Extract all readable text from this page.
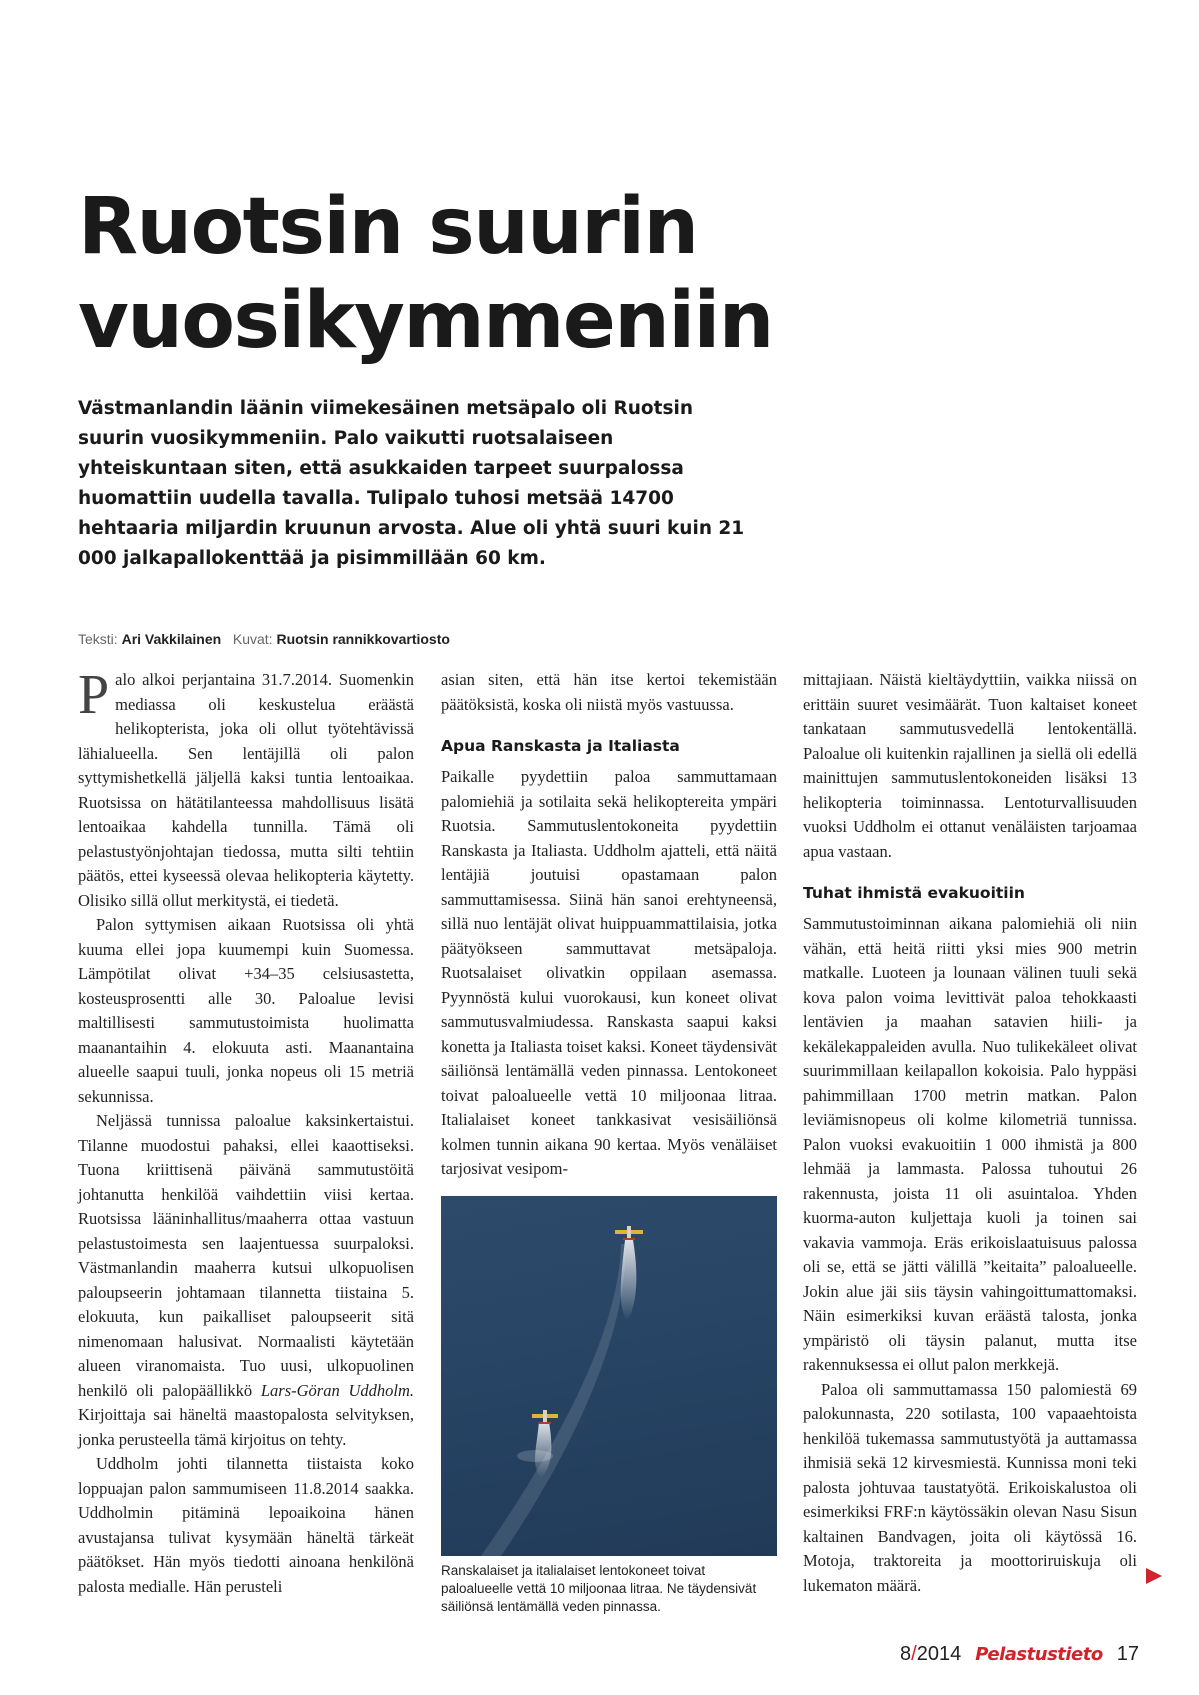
Ruotsin suurin
vuosikymmeniin

Västmanlandin läänin viimekesäinen metsäpalo oli Ruotsin suurin vuosikymmeniin. Palo vaikutti ruotsalaiseen yhteiskuntaan siten, että asukkaiden tarpeet suurpalossa huomattiin uudella tavalla. Tulipalo tuhosi metsää 14700 hehtaaria miljardin kruunun arvosta. Alue oli yhtä suuri kuin 21 000 jalkapallokenttää ja pisimmillään 60 km.

Teksti: Ari Vakkilainen Kuvat: Ruotsin rannikkovartiosto

Palo alkoi perjantaina 31.7.2014. Suomenkin mediassa oli keskustelua eräästä helikopterista, joka oli ollut työtehtävissä lähialueella. Sen lentäjillä oli palon syttymishetkellä jäljellä kaksi tuntia lentoaikaa. Ruotsissa on hätätilanteessa mahdollisuus lisätä lentoaikaa kahdella tunnilla. Tämä oli pelastustyönjohtajan tiedossa, mutta silti tehtiin päätös, ettei kyseessä olevaa helikopteria käytetty. Olisiko sillä ollut merkitystä, ei tiedetä.

Palon syttymisen aikaan Ruotsissa oli yhtä kuuma ellei jopa kuumempi kuin Suomessa. Lämpötilat olivat +34–35 celsiusastetta, kosteusprosentti alle 30. Paloalue levisi maltillisesti sammutustoimista huolimatta maanantaihin 4. elokuuta asti. Maanantaina alueelle saapui tuuli, jonka nopeus oli 15 metriä sekunnissa.

Neljässä tunnissa paloalue kaksinkertaistui. Tilanne muodostui pahaksi, ellei kaaottiseksi. Tuona kriittisenä päivänä sammutustöitä johtanutta henkilöä vaihdettiin viisi kertaa. Ruotsissa lääninhallitus/maaherra ottaa vastuun pelastustoimesta sen laajentuessa suurpaloksi. Västmanlandin maaherra kutsui ulkopuolisen paloupseerin johtamaan tilannetta tiistaina 5. elokuuta, kun paikalliset paloupseerit sitä nimenomaan halusivat. Normaalisti käytetään alueen viranomaista. Tuo uusi, ulkopuolinen henkilö oli palopäällikkö Lars-Göran Uddholm. Kirjoittaja sai häneltä maastopalosta selvityksen, jonka perusteella tämä kirjoitus on tehty.

Uddholm johti tilannetta tiistaista koko loppuajan palon sammumiseen 11.8.2014 saakka. Uddholmin pitäminä lepoaikoina hänen avustajansa tulivat kysymään häneltä tärkeät päätökset. Hän myös tiedotti ainoana henkilönä palosta medialle. Hän perusteli

asian siten, että hän itse kertoi tekemistään päätöksistä, koska oli niistä myös vastuussa.

Apua Ranskasta ja Italiasta

Paikalle pyydettiin paloa sammuttamaan palomiehiä ja sotilaita sekä helikoptereita ympäri Ruotsia. Sammutuslentokoneita pyydettiin Ranskasta ja Italiasta. Uddholm ajatteli, että näitä lentäjiä joutuisi opastamaan palon sammuttamisessa. Siinä hän sanoi erehtyneensä, sillä nuo lentäjät olivat huippuammattilaisia, jotka päätyökseen sammuttavat metsäpaloja. Ruotsalaiset olivatkin oppilaan asemassa. Pyynnöstä kului vuorokausi, kun koneet olivat sammutusvalmiudessa. Ranskasta saapui kaksi konetta ja Italiasta toiset kaksi. Koneet täydensivät säiliönsä lentämällä veden pinnassa. Lentokoneet toivat paloalueelle vettä 10 miljoonaa litraa. Italialaiset koneet tankkasivat vesisäiliönsä kolmen tunnin aikana 90 kertaa. Myös venäläiset tarjosivat vesipom-

mittajiaan. Näistä kieltäydyttiin, vaikka niissä on erittäin suuret vesimäärät. Tuon kaltaiset koneet tankataan sammutusvedellä lentokentällä. Paloalue oli kuitenkin rajallinen ja siellä oli edellä mainittujen sammutuslentokoneiden lisäksi 13 helikopteria toiminnassa. Lentoturvallisuuden vuoksi Uddholm ei ottanut venäläisten tarjoamaa apua vastaan.

Tuhat ihmistä evakuoitiin

Sammutustoiminnan aikana palomiehiä oli niin vähän, että heitä riitti yksi mies 900 metrin matkalle. Luoteen ja lounaan välinen tuuli sekä kova palon voima levittivät paloa tehokkaasti lentävien ja maahan satavien hiili- ja kekälekappaleiden avulla. Nuo tulikekäleet olivat suurimmillaan keilapallon kokoisia. Palo hyppäsi pahimmillaan 1700 metrin matkan. Palon leviämisnopeus oli kolme kilometriä tunnissa. Palon vuoksi evakuoitiin 1 000 ihmistä ja 800 lehmää ja lammasta. Palossa tuhoutui 26 rakennusta, joista 11 oli asuintaloa. Yhden kuorma-auton kuljettaja kuoli ja toinen sai vakavia vammoja. Eräs erikoislaatuisuus palossa oli se, että se jätti välillä ”keitaita” paloalueelle. Jokin alue jäi siis täysin vahingoittumattomaksi. Näin esimerkiksi kuvan eräästä talosta, jonka ympäristö oli täysin palanut, mutta itse rakennuksessa ei ollut palon merkkejä.

Paloa oli sammuttamassa 150 palomiestä 69 palokunnasta, 220 sotilasta, 100 vapaaehtoista henkilöä tukemassa sammutustyötä ja auttamassa ihmisiä sekä 12 kirvesmiestä. Kunnissa moni teki palosta johtuvaa taustatyötä. Erikoiskalustoa oli esimerkiksi FRF:n käytössäkin olevan Nasu Sisun kaltainen Bandvagen, joita oli käytössä 16. Motoja, traktoreita ja moottoriruiskuja oli lukematon määrä.

Ranskalaiset ja italialaiset lentokoneet toivat paloalueelle vettä 10 miljoonaa litraa. Ne täydensivät säiliönsä lentämällä veden pinnassa.
8/2014 Pelastustieto 17
